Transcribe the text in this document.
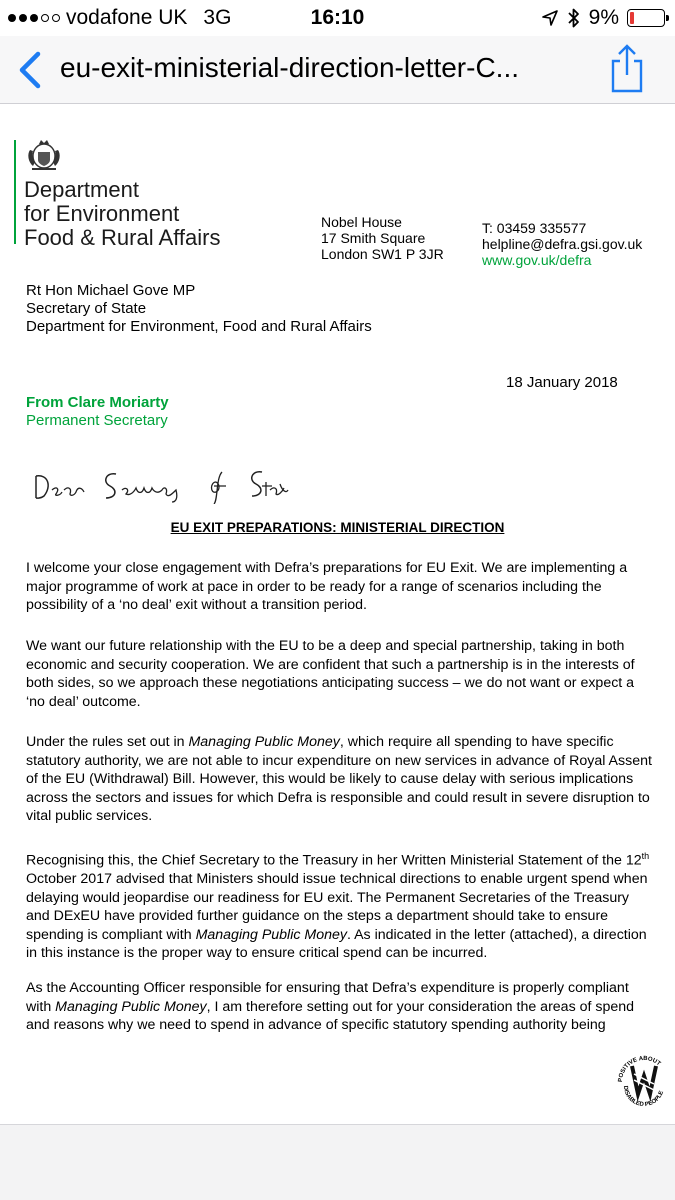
vodafone UK 3G	16:10	9%
eu-exit-ministerial-direction-letter-C...
Department
for Environment
Food & Rural Affairs
Nobel House
17 Smith Square
London SW1 P 3JR
T: 03459 335577
helpline@defra.gsi.gov.uk
www.gov.uk/defra
Rt Hon Michael Gove MP
Secretary of State
Department for Environment, Food and Rural Affairs
18 January 2018
From Clare Moriarty
Permanent Secretary
Dear Secretary of State
EU EXIT PREPARATIONS: MINISTERIAL DIRECTION
I welcome your close engagement with Defra’s preparations for EU Exit. We are implementing a major programme of work at pace in order to be ready for a range of scenarios including the possibility of a ‘no deal’ exit without a transition period.
We want our future relationship with the EU to be a deep and special partnership, taking in both economic and security cooperation. We are confident that such a partnership is in the interests of both sides, so we approach these negotiations anticipating success – we do not want or expect a ‘no deal’ outcome.
Under the rules set out in Managing Public Money, which require all spending to have specific statutory authority, we are not able to incur expenditure on new services in advance of Royal Assent of the EU (Withdrawal) Bill. However, this would be likely to cause delay with serious implications across the sectors and issues for which Defra is responsible and could result in severe disruption to vital public services.
Recognising this, the Chief Secretary to the Treasury in her Written Ministerial Statement of the 12th October 2017 advised that Ministers should issue technical directions to enable urgent spend when delaying would jeopardise our readiness for EU exit. The Permanent Secretaries of the Treasury and DExEU have provided further guidance on the steps a department should take to ensure spending is compliant with Managing Public Money. As indicated in the letter (attached), a direction in this instance is the proper way to ensure critical spend can be incurred.
As the Accounting Officer responsible for ensuring that Defra’s expenditure is properly compliant with Managing Public Money, I am therefore setting out for your consideration the areas of spend and reasons why we need to spend in advance of specific statutory spending authority being
POSITIVE ABOUT
DISABLED PEOPLE
